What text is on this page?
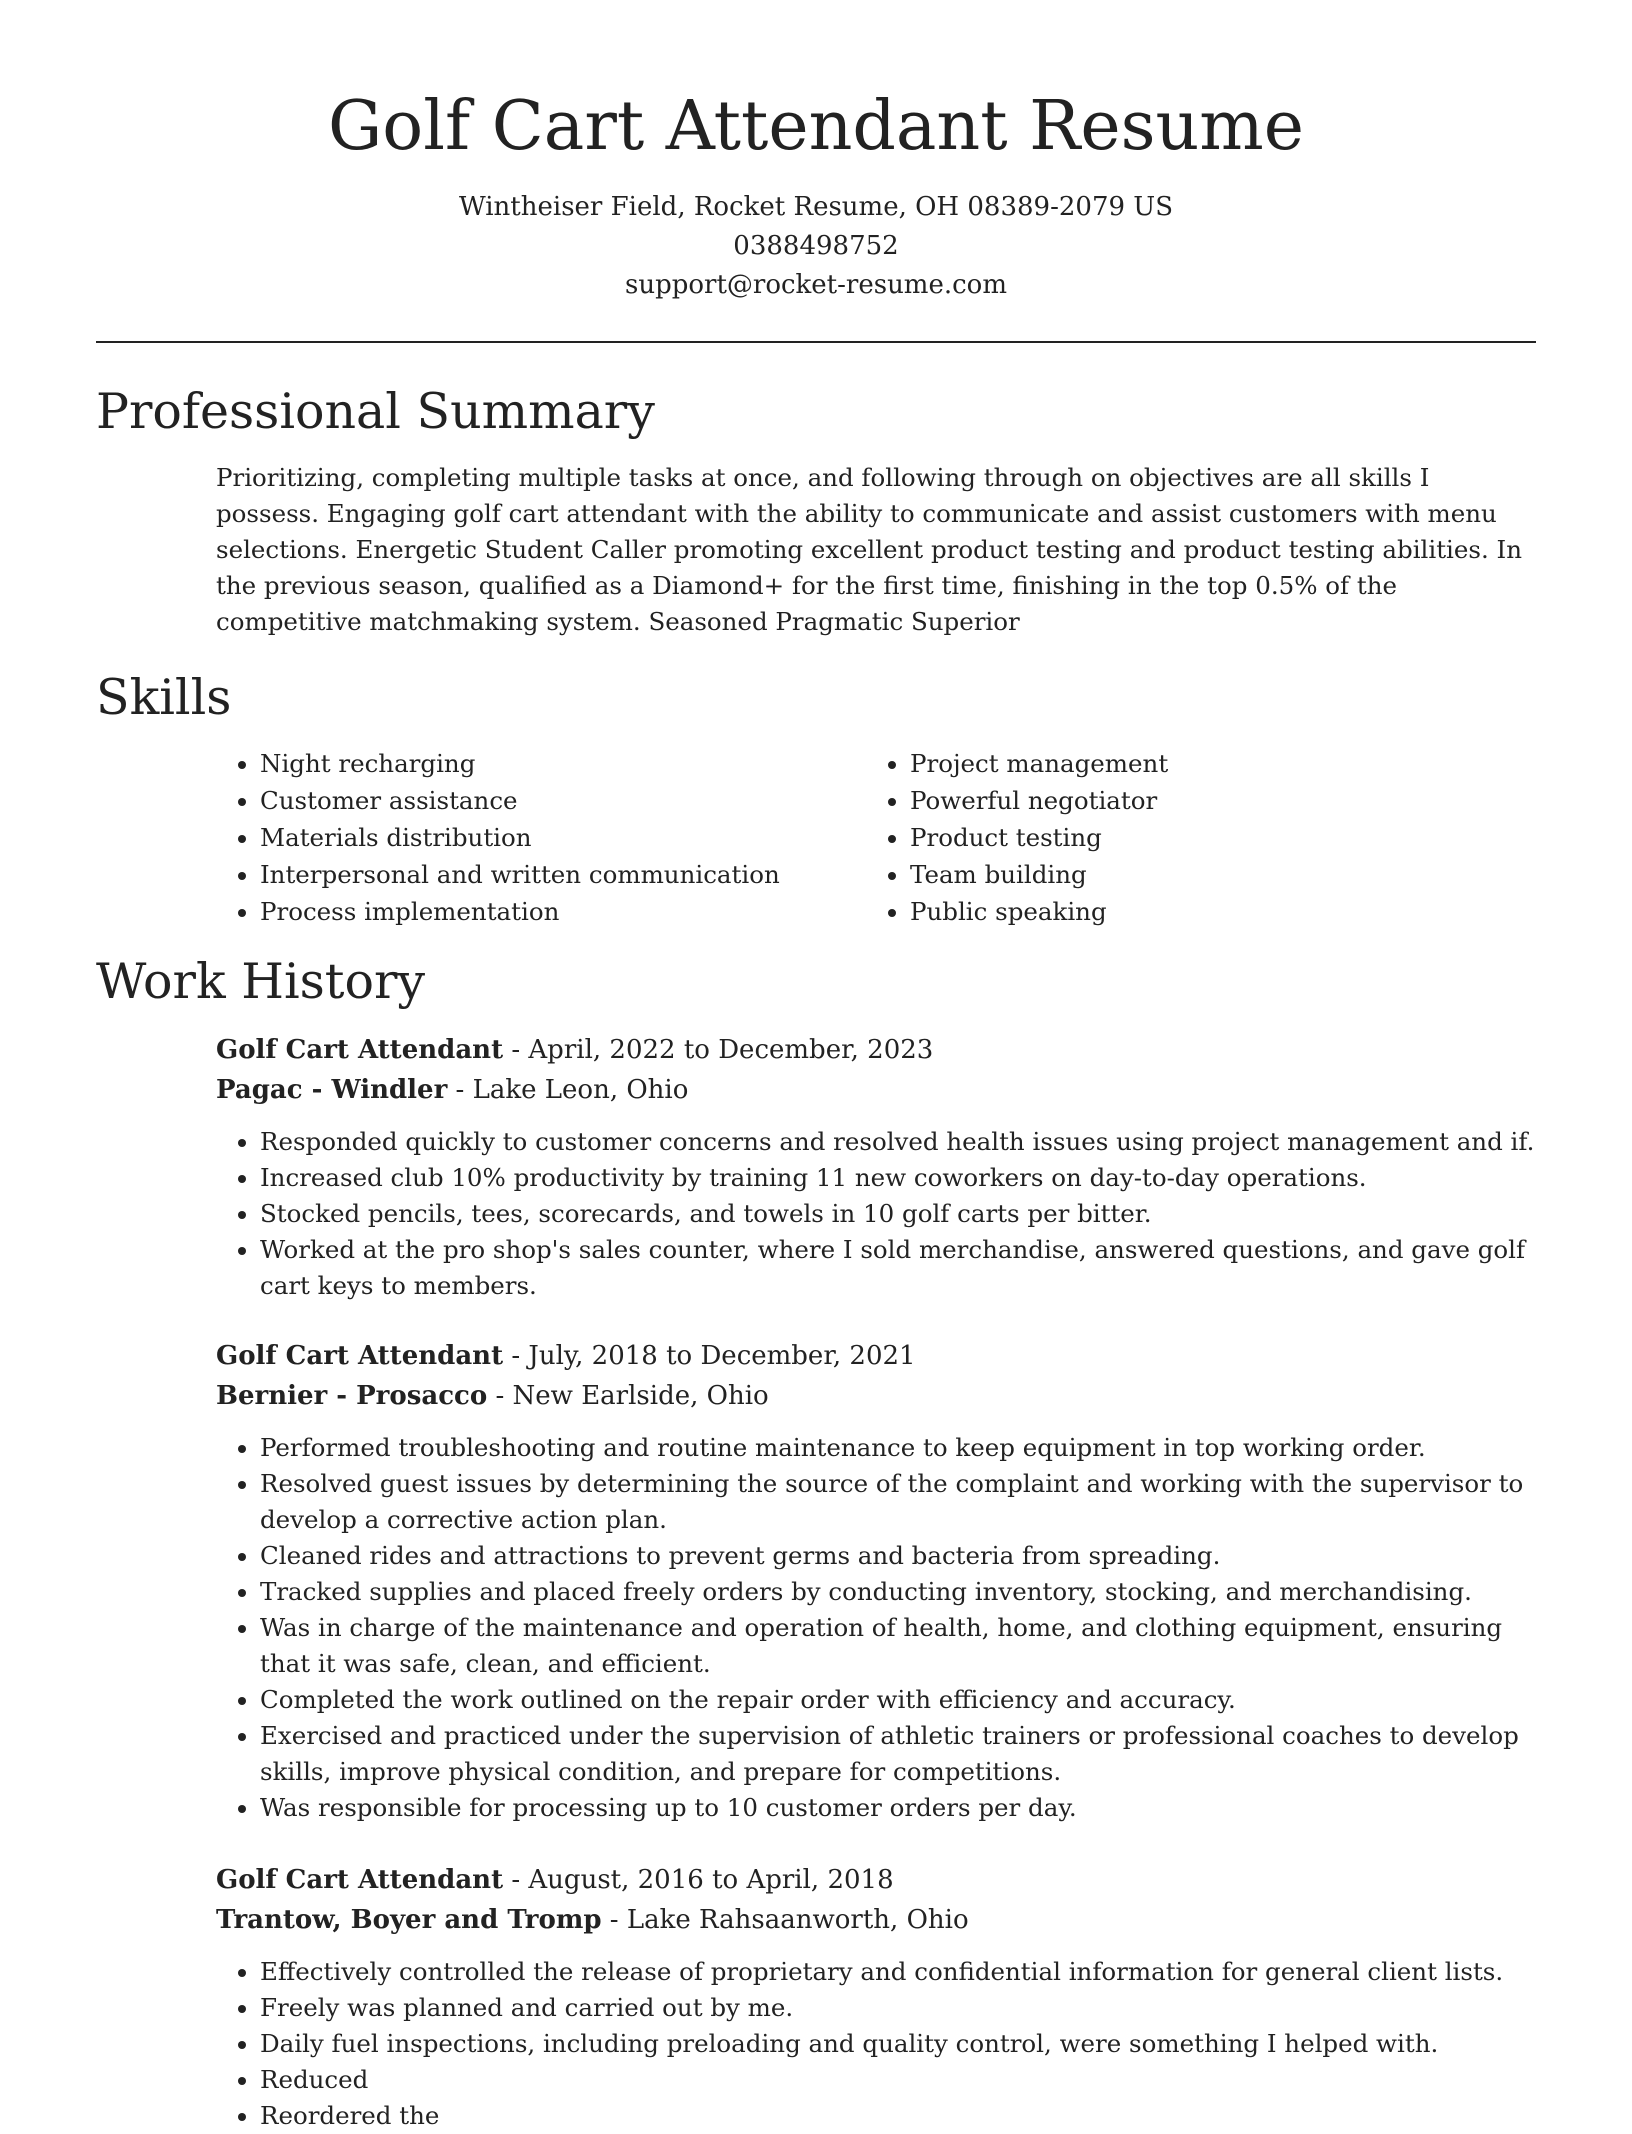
Golf Cart Attendant Resume
Wintheiser Field, Rocket Resume, OH 08389-2079 US
0388498752
support@rocket-resume.com
Professional Summary
Prioritizing, completing multiple tasks at once, and following through on objectives are all skills I possess. Engaging golf cart attendant with the ability to communicate and assist customers with menu selections. Energetic Student Caller promoting excellent product testing and product testing abilities. In the previous season, qualified as a Diamond+ for the first time, finishing in the top 0.5% of the competitive matchmaking system. Seasoned Pragmatic Superior
Skills
• Night recharging
• Customer assistance
• Materials distribution
• Interpersonal and written communication
• Process implementation
• Project management
• Powerful negotiator
• Product testing
• Team building
• Public speaking
Work History
Golf Cart Attendant - April, 2022 to December, 2023
Pagac - Windler - Lake Leon, Ohio
• Responded quickly to customer concerns and resolved health issues using project management and if.
• Increased club 10% productivity by training 11 new coworkers on day-to-day operations.
• Stocked pencils, tees, scorecards, and towels in 10 golf carts per bitter.
• Worked at the pro shop's sales counter, where I sold merchandise, answered questions, and gave golf cart keys to members.
Golf Cart Attendant - July, 2018 to December, 2021
Bernier - Prosacco - New Earlside, Ohio
• Performed troubleshooting and routine maintenance to keep equipment in top working order.
• Resolved guest issues by determining the source of the complaint and working with the supervisor to develop a corrective action plan.
• Cleaned rides and attractions to prevent germs and bacteria from spreading.
• Tracked supplies and placed freely orders by conducting inventory, stocking, and merchandising.
• Was in charge of the maintenance and operation of health, home, and clothing equipment, ensuring that it was safe, clean, and efficient.
• Completed the work outlined on the repair order with efficiency and accuracy.
• Exercised and practiced under the supervision of athletic trainers or professional coaches to develop skills, improve physical condition, and prepare for competitions.
• Was responsible for processing up to 10 customer orders per day.
Golf Cart Attendant - August, 2016 to April, 2018
Trantow, Boyer and Tromp - Lake Rahsaanworth, Ohio
• Effectively controlled the release of proprietary and confidential information for general client lists.
• Freely was planned and carried out by me.
• Daily fuel inspections, including preloading and quality control, were something I helped with.
• Reduced
• Reordered the
